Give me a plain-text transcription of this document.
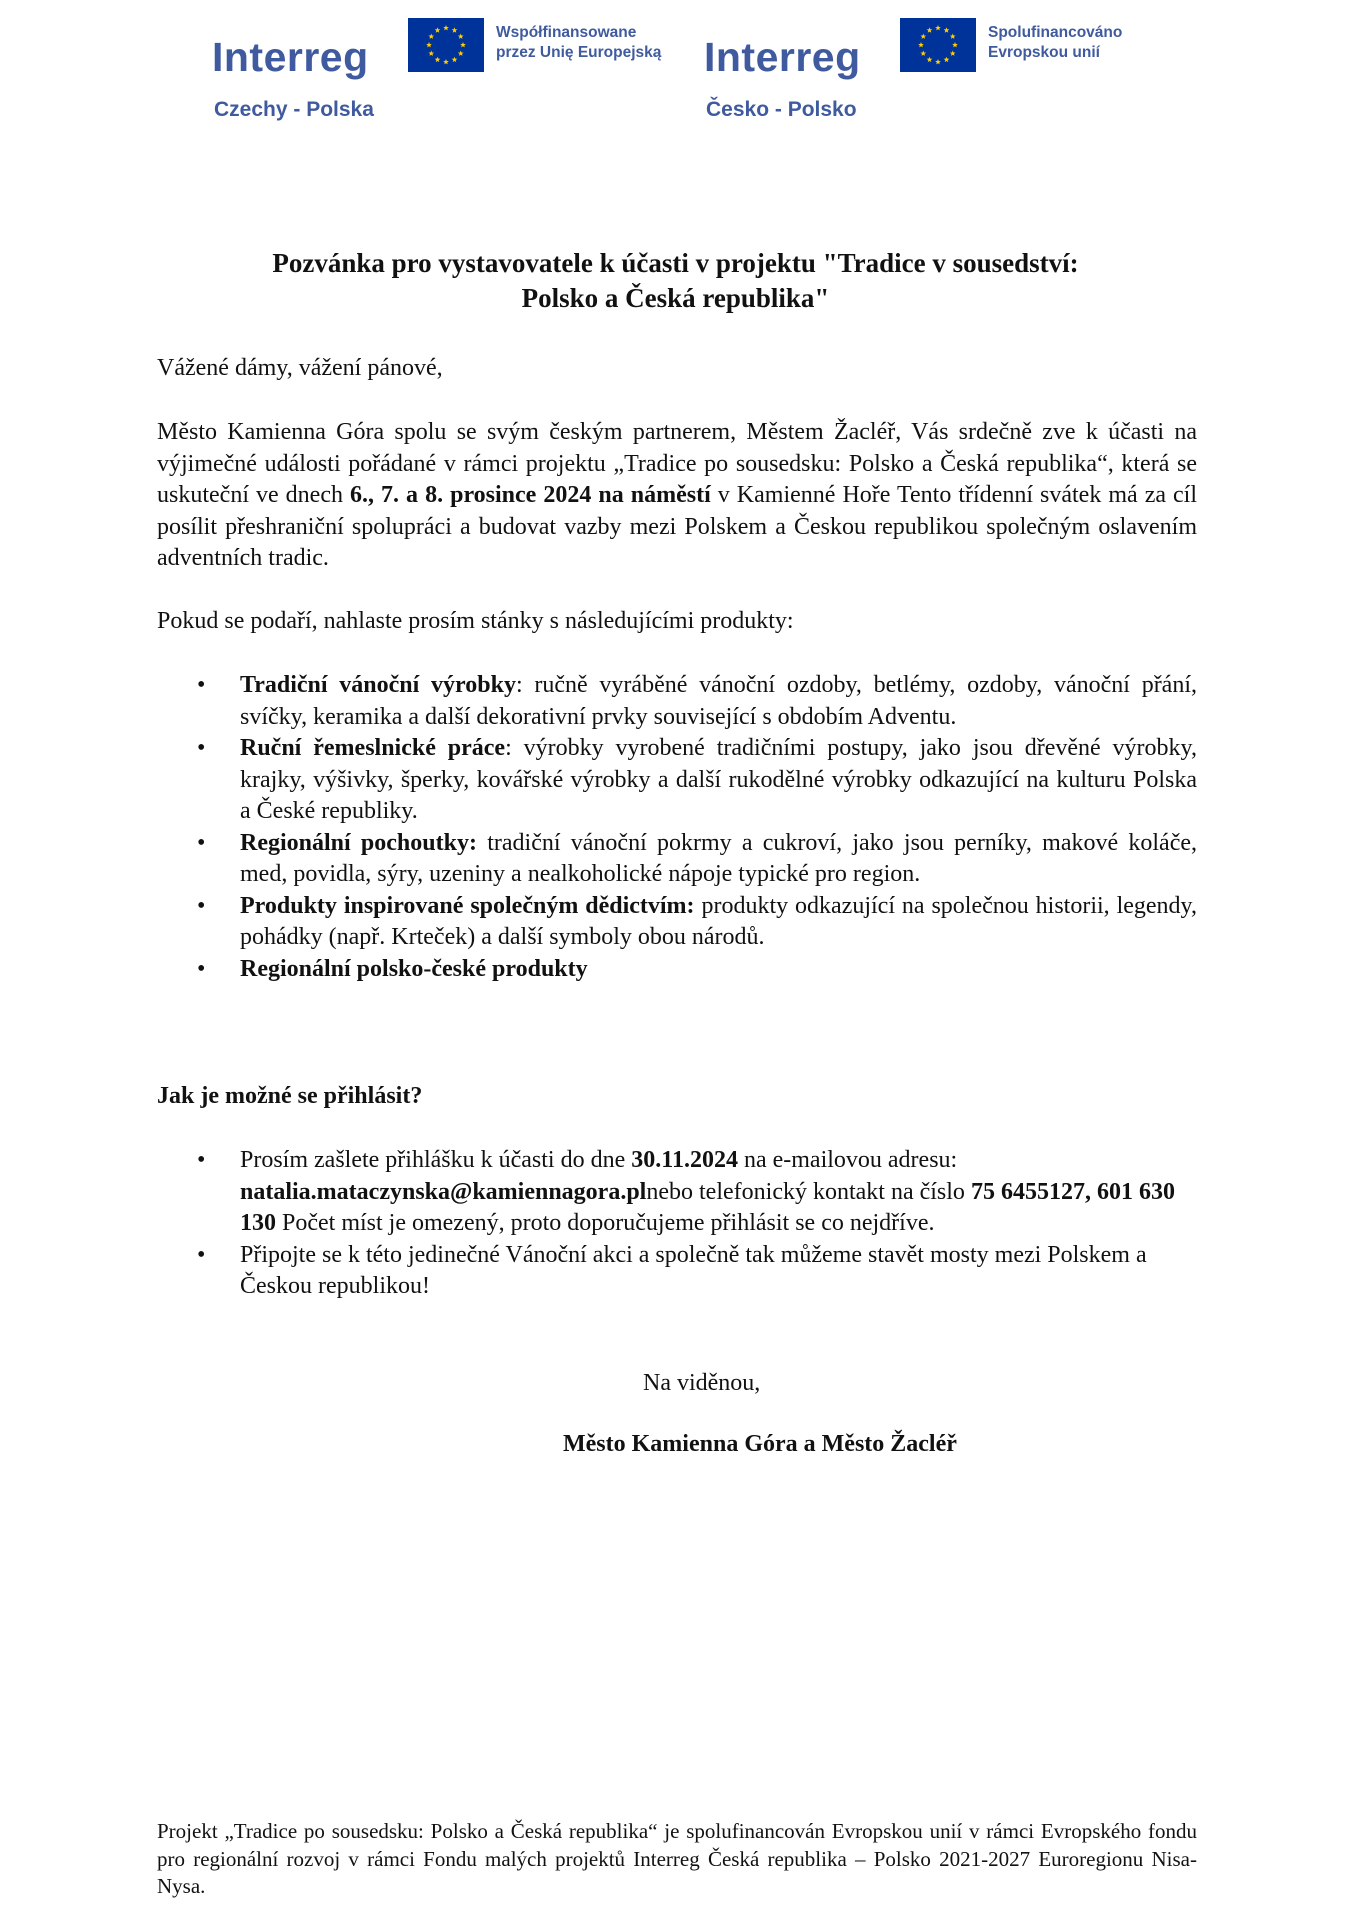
Interreg
Współfinansowane
przez Unię Europejską
Czechy - Polska
Interreg
Spolufinancováno
Evropskou unií
Česko - Polsko
Pozvánka pro vystavovatele k účasti v projektu "Tradice v sousedství:
Polsko a Česká republika"

Vážené dámy, vážení pánové,

Město Kamienna Góra spolu se svým českým partnerem, Městem Žacléř, Vás srdečně zve k účasti na výjimečné události pořádané v rámci projektu „Tradice po sousedsku: Polsko a Česká republika“, která se uskuteční ve dnech 6., 7. a 8. prosince 2024 na náměstí v Kamienné Hoře Tento třídenní svátek má za cíl posílit přeshraniční spolupráci a budovat vazby mezi Polskem a Českou republikou společným oslavením adventních tradic.

Pokud se podaří, nahlaste prosím stánky s následujícími produkty:

• Tradiční vánoční výrobky: ručně vyráběné vánoční ozdoby, betlémy, ozdoby, vánoční přání, svíčky, keramika a další dekorativní prvky související s obdobím Adventu.
• Ruční řemeslnické práce: výrobky vyrobené tradičními postupy, jako jsou dřevěné výrobky, krajky, výšivky, šperky, kovářské výrobky a další rukodělné výrobky odkazující na kulturu Polska a České republiky.
• Regionální pochoutky: tradiční vánoční pokrmy a cukroví, jako jsou perníky, makové koláče, med, povidla, sýry, uzeniny a nealkoholické nápoje typické pro region.
• Produkty inspirované společným dědictvím: produkty odkazující na společnou historii, legendy, pohádky (např. Krteček) a další symboly obou národů.
• Regionální polsko-české produkty

Jak je možné se přihlásit?

• Prosím zašlete přihlášku k účasti do dne 30.11.2024 na e-mailovou adresu:
natalia.mataczynska@kamiennagora.plnebo telefonický kontakt na číslo 75 6455127, 601 630 130 Počet míst je omezený, proto doporučujeme přihlásit se co nejdříve.
• Připojte se k této jedinečné Vánoční akci a společně tak můžeme stavět mosty mezi Polskem a Českou republikou!

Na viděnou,

Město Kamienna Góra a Město Žacléř

Projekt „Tradice po sousedsku: Polsko a Česká republika“ je spolufinancován Evropskou unií v rámci Evropského fondu pro regionální rozvoj v rámci Fondu malých projektů Interreg Česká republika – Polsko 2021-2027 Euroregionu Nisa-Nysa.
